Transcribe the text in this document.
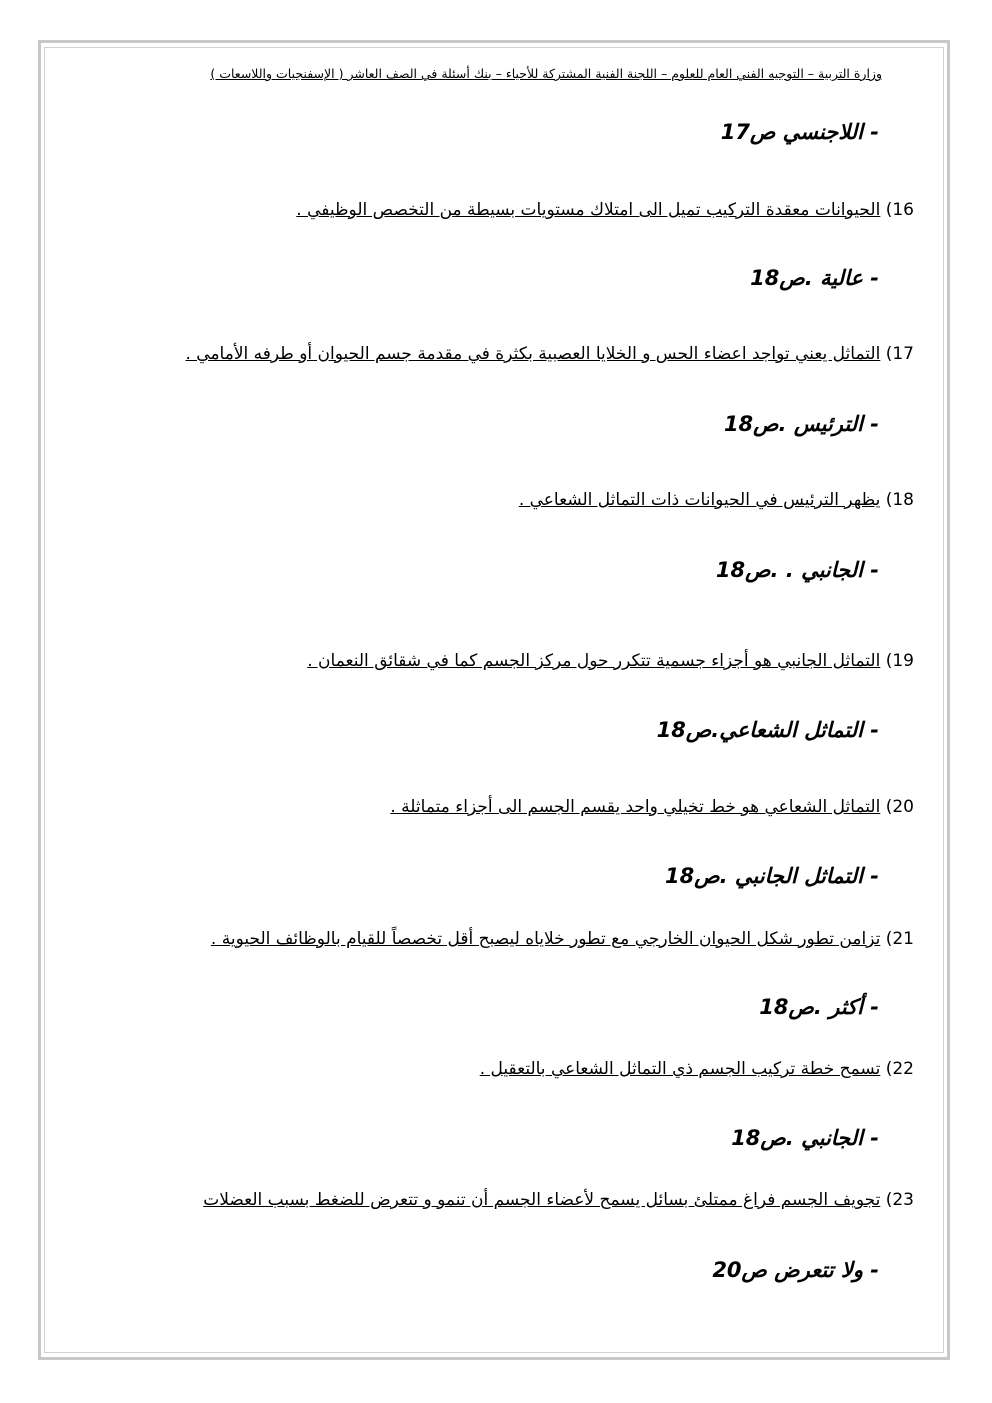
وزارة التربية – التوجيه الفني العام للعلوم – اللجنة الفنية المشتركة للأحياء – بنك أسئلة في الصف العاشر ( الإسفنجيات واللاسعات )
- اللاجنسي ص17
16) الحيوانات معقدة التركيب تميل الى امتلاك مستويات بسيطة من التخصص الوظيفي .
- عالية .ص18
17) التماثل يعني تواجد اعضاء الحس و الخلايا العصبية بكثرة في مقدمة جسم الحيوان أو طرفه الأمامي .
- الترئيس .ص18
18) يظهر الترئيس في الحيوانات ذات التماثل الشعاعي .
- الجانبي . .ص18
19) التماثل الجانبي هو أجزاء جسمية تتكرر حول مركز الجسم كما في شقائق النعمان .
- التماثل الشعاعي.ص18
20) التماثل الشعاعي هو خط تخيلي واحد يقسم الجسم الى أجزاء متماثلة .
- التماثل الجانبي .ص18
21) تزامن تطور شكل الحيوان الخارجي مع تطور خلاياه ليصبح أقل تخصصاً للقيام بالوظائف الحيوية .
- أكثر .ص18
22) تسمح خطة تركيب الجسم ذي التماثل الشعاعي بالتعقيل .
- الجانبي .ص18
23) تجويف الجسم فراغ ممتلئ بسائل يسمح لأعضاء الجسم أن تنمو و تتعرض للضغط بسبب العضلات
- ولا تتعرض ص20
